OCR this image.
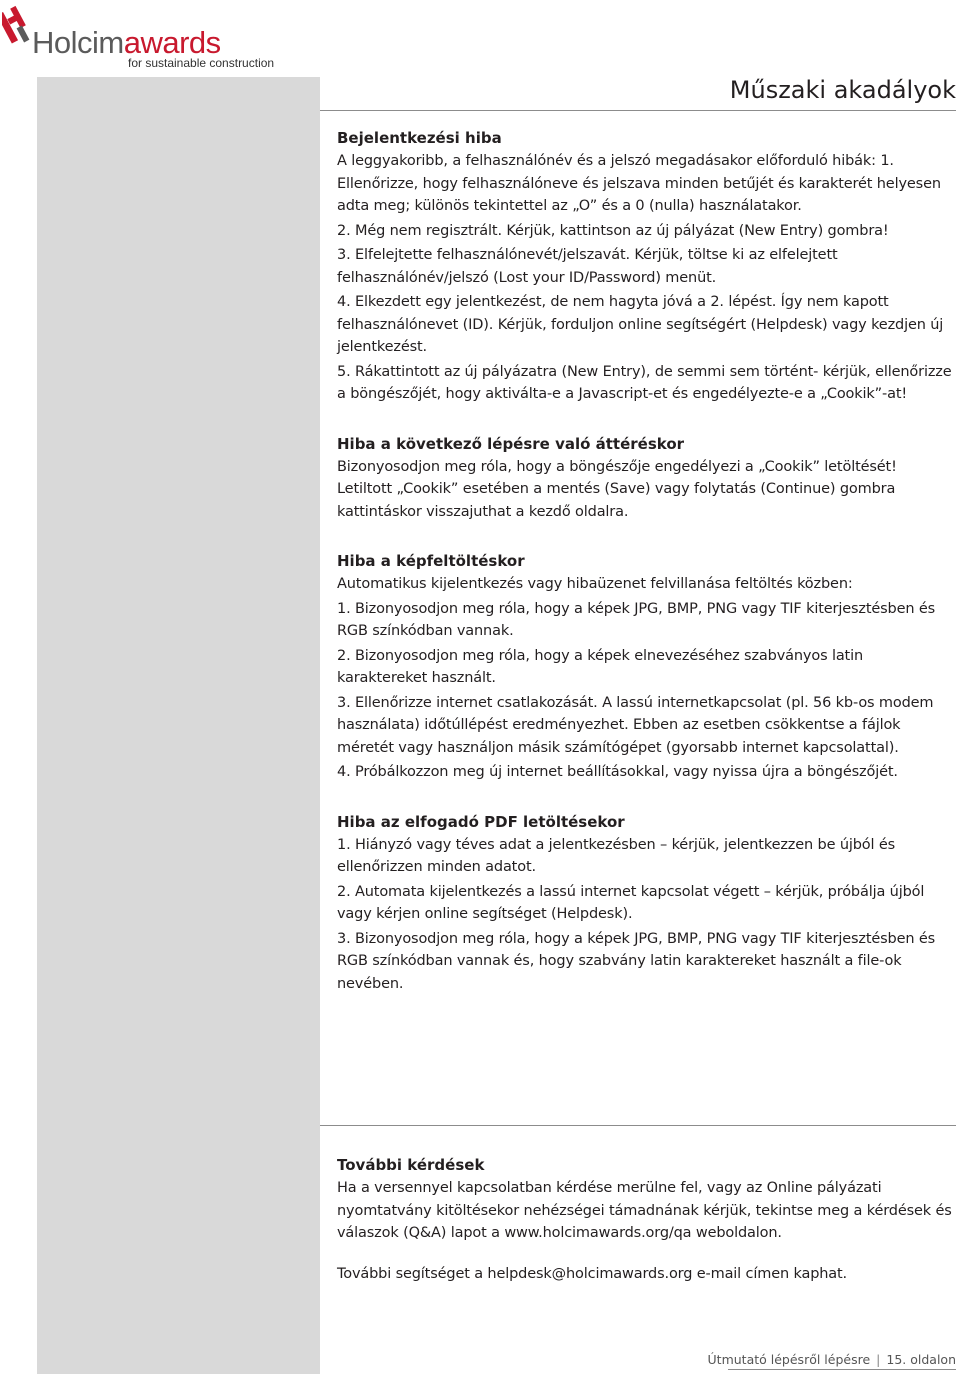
Holcimawards
for sustainable construction
Műszaki akadályok
Bejelentkezési hiba

A leggyakoribb, a felhasználónév és a jelszó megadásakor előforduló hibák: 1. Ellenőrizze, hogy felhasználóneve és jelszava minden betűjét és karakterét helyesen adta meg; különös tekintettel az „O” és a 0 (nulla) használatakor.

2. Még nem regisztrált. Kérjük, kattintson az új pályázat (New Entry) gombra!

3. Elfelejtette felhasználónevét/jelszavát. Kérjük, töltse ki az elfelejtett felhasználónév/jelszó (Lost your ID/Password) menüt.

4. Elkezdett egy jelentkezést, de nem hagyta jóvá a 2. lépést. Így nem kapott felhasználónevet (ID). Kérjük, forduljon online segítségért (Helpdesk) vagy kezdjen új jelentkezést.

5. Rákattintott az új pályázatra (New Entry), de semmi sem történt- kérjük, ellenőrizze a böngészőjét, hogy aktiválta-e a Javascript-et és engedélyezte-e a „Cookik”-at!

Hiba a következő lépésre való áttéréskor

Bizonyosodjon meg róla, hogy a böngészője engedélyezi a „Cookik” letöltését! Letiltott „Cookik” esetében a mentés (Save) vagy folytatás (Continue) gombra kattintáskor visszajuthat a kezdő oldalra.

Hiba a képfeltöltéskor

Automatikus kijelentkezés vagy hibaüzenet felvillanása feltöltés közben:

1. Bizonyosodjon meg róla, hogy a képek JPG, BMP, PNG vagy TIF kiterjesztésben és RGB színkódban vannak.

2. Bizonyosodjon meg róla, hogy a képek elnevezéséhez szabványos latin karaktereket használt.

3. Ellenőrizze internet csatlakozását. A lassú internetkapcsolat (pl. 56 kb-os modem használata) időtúllépést eredményezhet. Ebben az esetben csökkentse a fájlok méretét vagy használjon másik számítógépet (gyorsabb internet kapcsolattal).

4. Próbálkozzon meg új internet beállításokkal, vagy nyissa újra a böngészőjét.

Hiba az elfogadó PDF letöltésekor

1. Hiányzó vagy téves adat a jelentkezésben – kérjük, jelentkezzen be újból és ellenőrizzen minden adatot.

2. Automata kijelentkezés a lassú internet kapcsolat végett – kérjük, próbálja újból vagy kérjen online segítséget (Helpdesk).

3. Bizonyosodjon meg róla, hogy a képek JPG, BMP, PNG vagy TIF kiterjesztésben és RGB színkódban vannak és, hogy szabvány latin karaktereket használt a file-ok nevében.

További kérdések

Ha a versennyel kapcsolatban kérdése merülne fel, vagy az Online pályázati nyomtatvány kitöltésekor nehézségei támadnának kérjük, tekintse meg a kérdések és válaszok (Q&A) lapot a www.holcimawards.org/qa weboldalon.

További segítséget a helpdesk@holcimawards.org e-mail címen kaphat.

Útmutató lépésről lépésre | 15. oldalon
